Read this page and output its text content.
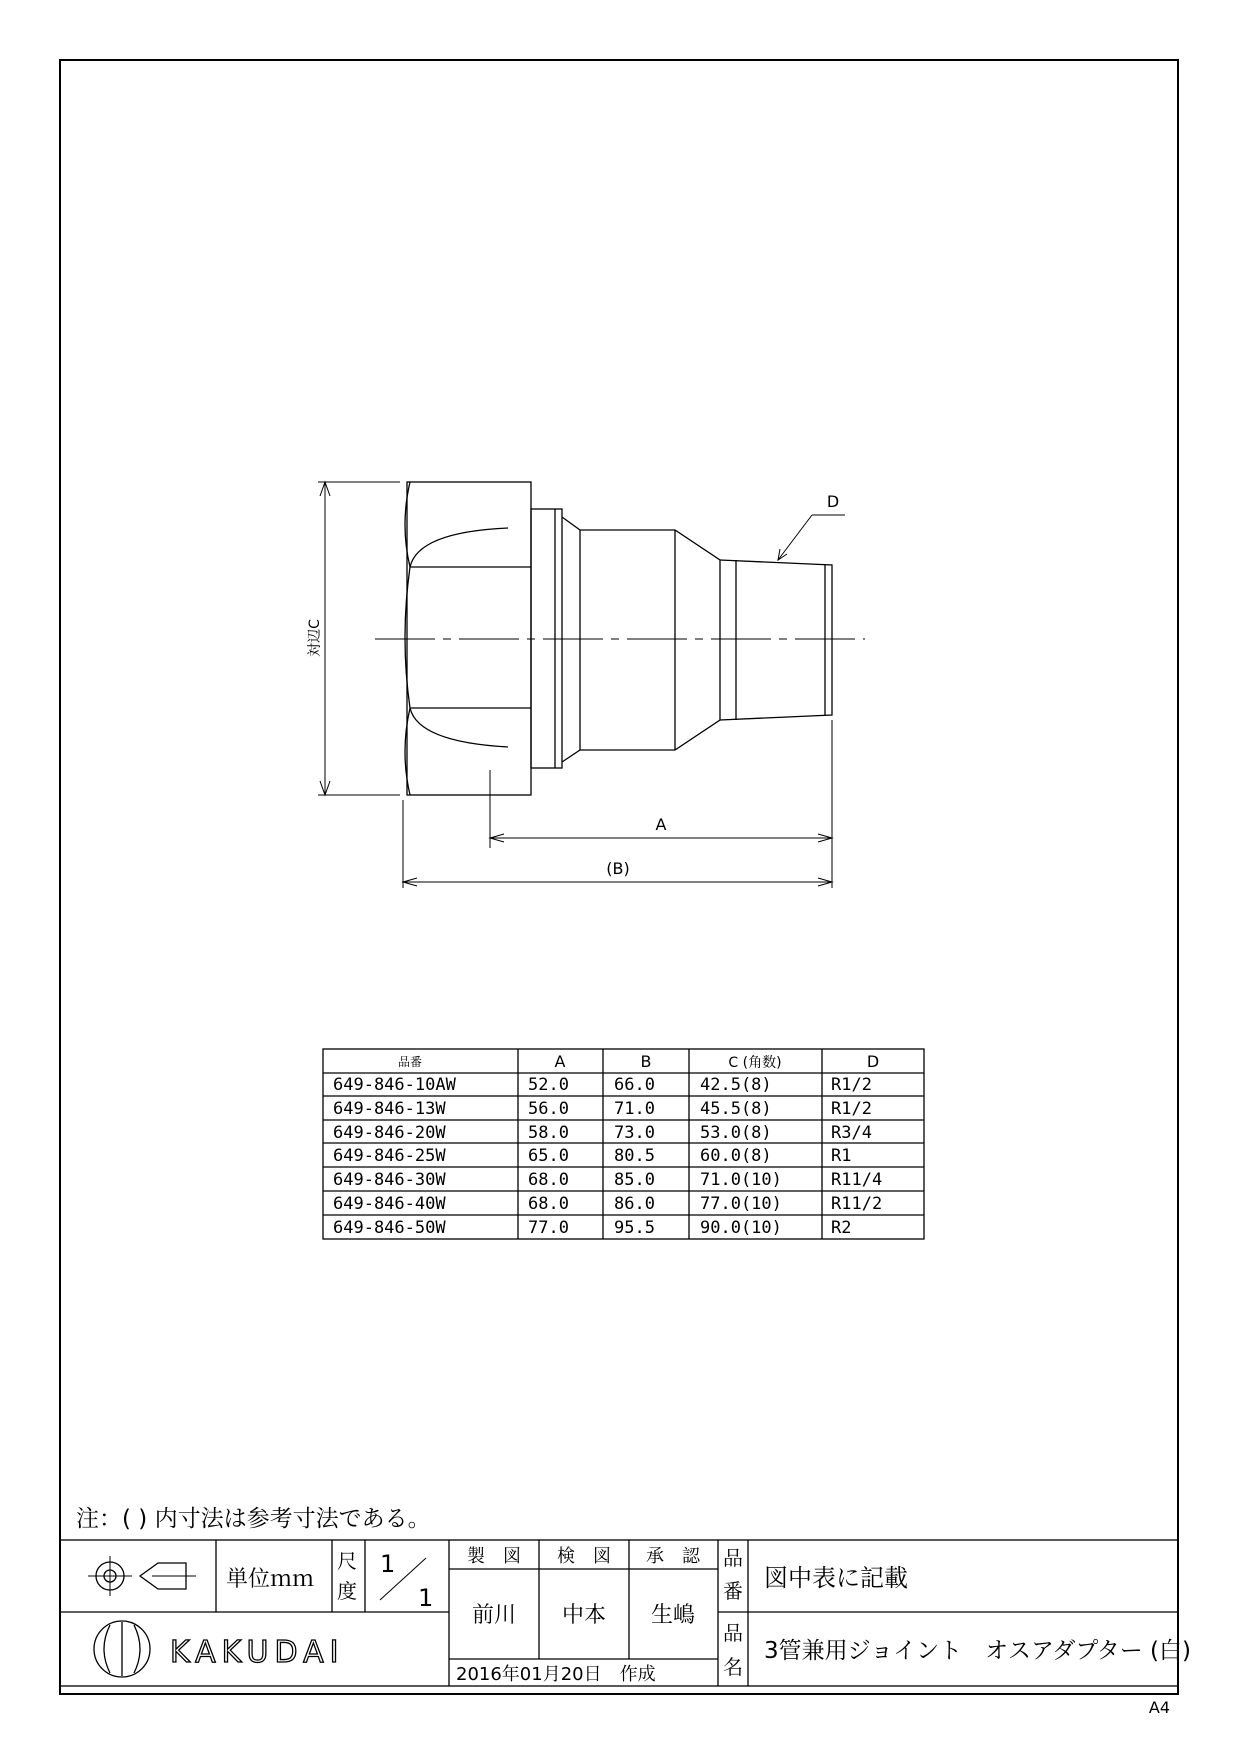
対辺C
A
(B)
D
品番	A	B	C (角数)	D
649-846-10AW	52.0	66.0	42.5(8)	R1/2
649-846-13W	56.0	71.0	45.5(8)	R1/2
649-846-20W	58.0	73.0	53.0(8)	R3/4
649-846-25W	65.0	80.5	60.0(8)	R1
649-846-30W	68.0	85.0	71.0(10)	R11/4
649-846-40W	68.0	86.0	77.0(10)	R11/2
649-846-50W	77.0	95.5	90.0(10)	R2
注：( ) 内寸法は参考寸法である。
単位ｍｍ
尺
度
1
1
製　図 検　図 承　認
前川 中本 生嶋
2016年01月20日　作成
品
番 図中表に記載
品
名
3管兼用ジョイント　オスアダプター (白)
KAKUDAI
A4
